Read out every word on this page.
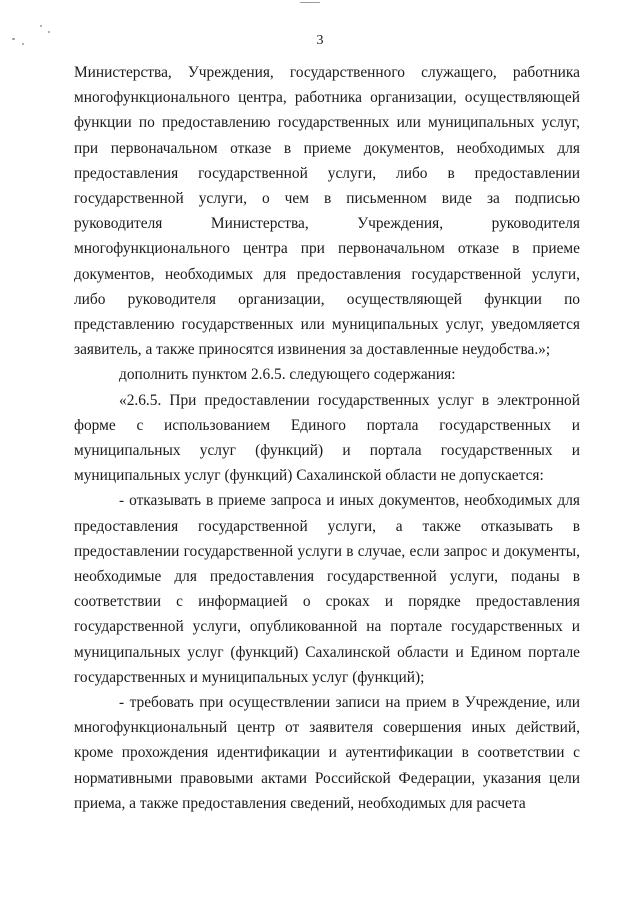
3

Министерства, Учреждения, государственного служащего, работника многофункционального центра, работника организации, осуществляющей функции по предоставлению государственных или муниципальных услуг, при первоначальном отказе в приеме документов, необходимых для предоставления государственной услуги, либо в предоставлении государственной услуги, о чем в письменном виде за подписью руководителя Министерства, Учреждения, руководителя многофункционального центра при первоначальном отказе в приеме документов, необходимых для предоставления государственной услуги, либо руководителя организации, осуществляющей функции по представлению государственных или муниципальных услуг, уведомляется заявитель, а также приносятся извинения за доставленные неудобства.»;

дополнить пунктом 2.6.5. следующего содержания:

«2.6.5. При предоставлении государственных услуг в электронной форме с использованием Единого портала государственных и муниципальных услуг (функций) и портала государственных и муниципальных услуг (функций) Сахалинской области не допускается:

- отказывать в приеме запроса и иных документов, необходимых для предоставления государственной услуги, а также отказывать в предоставлении государственной услуги в случае, если запрос и документы, необходимые для предоставления государственной услуги, поданы в соответствии с информацией о сроках и порядке предоставления государственной услуги, опубликованной на портале государственных и муниципальных услуг (функций) Сахалинской области и Едином портале государственных и муниципальных услуг (функций);

- требовать при осуществлении записи на прием в Учреждение, или многофункциональный центр от заявителя совершения иных действий, кроме прохождения идентификации и аутентификации в соответствии с нормативными правовыми актами Российской Федерации, указания цели приема, а также предоставления сведений, необходимых для расчета
